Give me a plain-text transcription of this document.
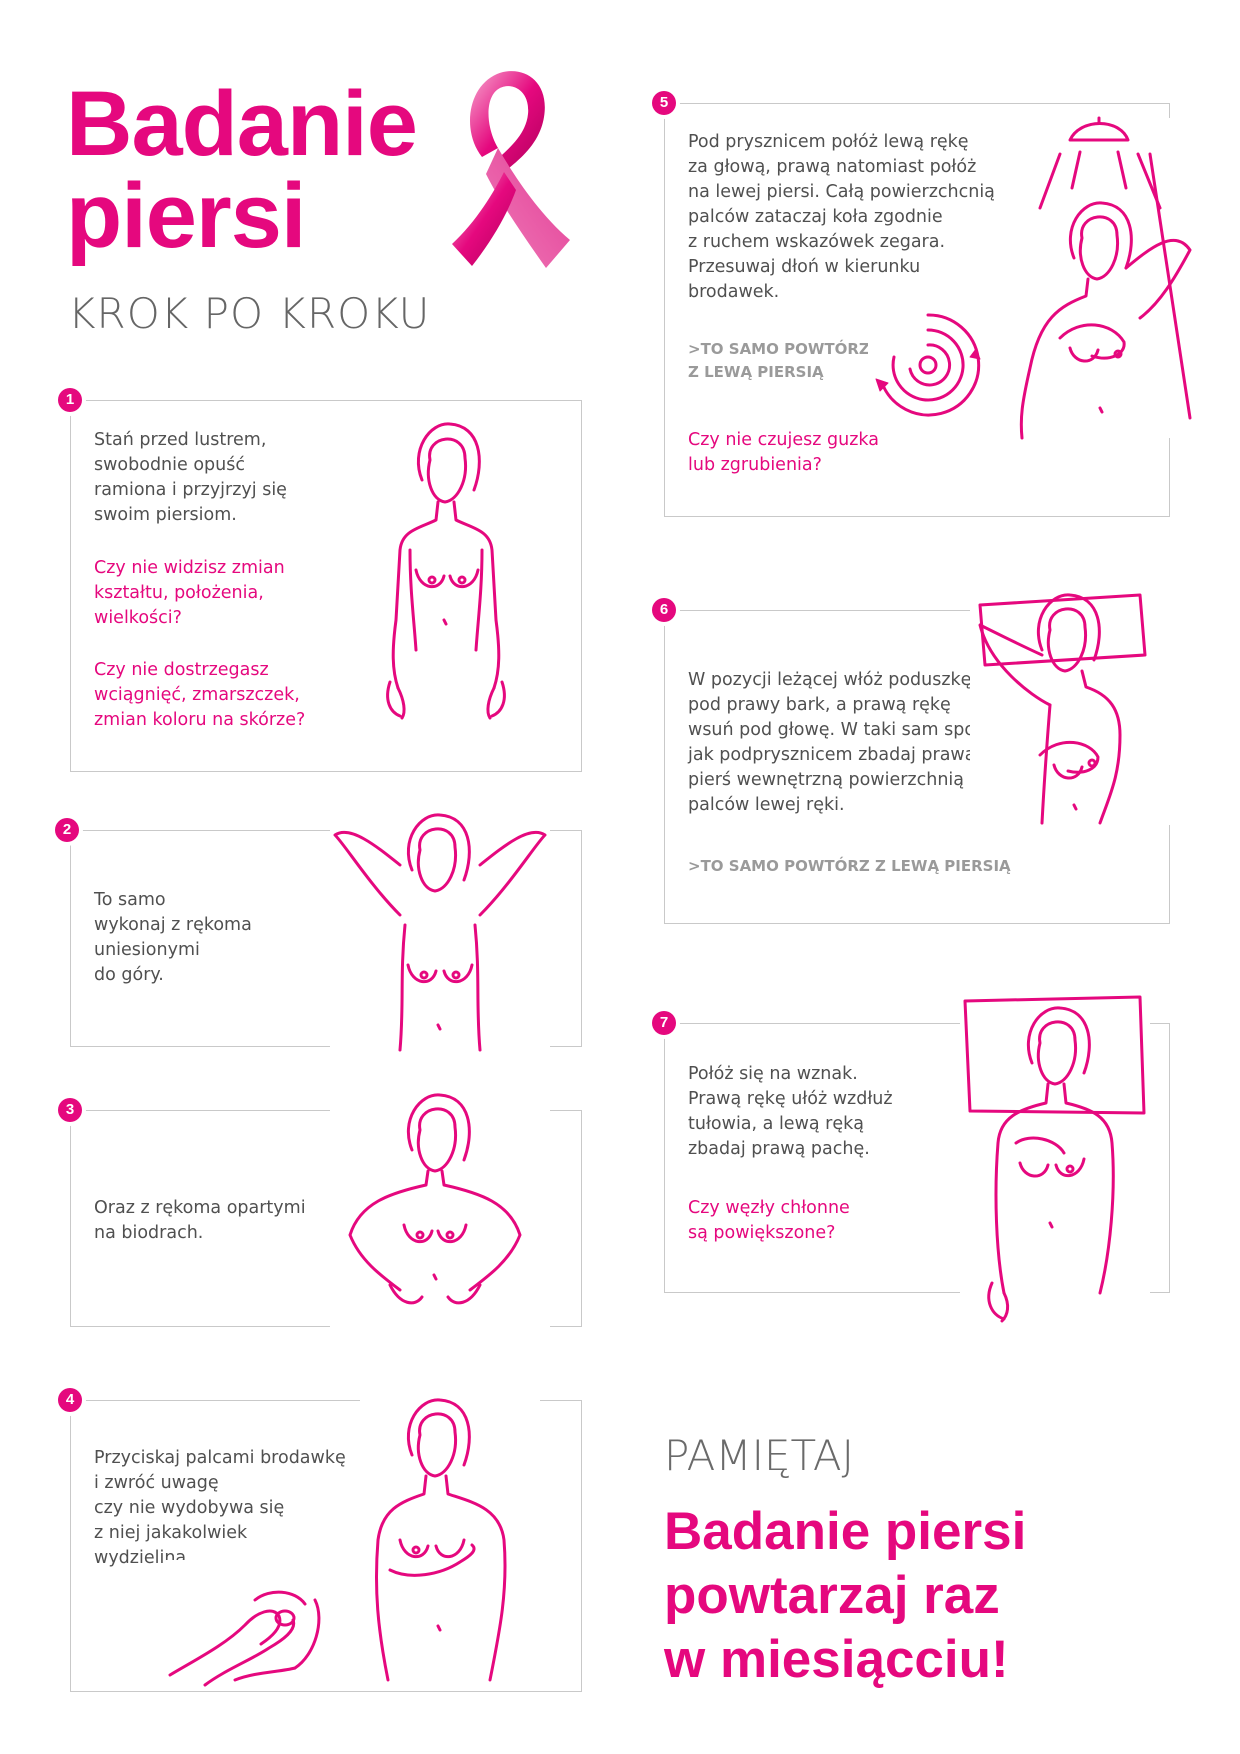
Badanie
piersi
KROK PO KROKU
1

Stań przed lustrem,
swobodnie opuść
ramiona i przyjrzyj się
swoim piersiom.

Czy nie widzisz zmian
kształtu, położenia,
wielkości?

Czy nie dostrzegasz
wciągnięć, zmarszczek,
zmian koloru na skórze?

2

To samo
wykonaj z rękoma
uniesionymi
do góry.

3

Oraz z rękoma opartymi
na biodrach.

4

Przyciskaj palcami brodawkę
i zwróć uwagę
czy nie wydobywa się
z niej jakakolwiek
wydzielina.

5

Pod prysznicem połóż lewą rękę
za głową, prawą natomiast połóż
na lewej piersi. Całą powierzchcnią
palców zataczaj koła zgodnie
z ruchem wskazówek zegara.
Przesuwaj dłoń w kierunku
brodawek.

>TO SAMO POWTÓRZ
Z LEWĄ PIERSIĄ

Czy nie czujesz guzka
lub zgrubienia?

6

W pozycji leżącej włóż poduszkę
pod prawy bark, a prawą rękę
wsuń pod głowę. W taki sam sposób
jak podprysznicem zbadaj prawą
pierś wewnętrzną powierzchnią
palców lewej ręki.

>TO SAMO POWTÓRZ Z LEWĄ PIERSIĄ

7

Połóż się na wznak.
Prawą rękę ułóż wzdłuż
tułowia, a lewą ręką
zbadaj prawą pachę.

Czy węzły chłonne
są powiększone?

PAMIĘTAJ

Badanie piersi
powtarzaj raz
w miesiącciu!
